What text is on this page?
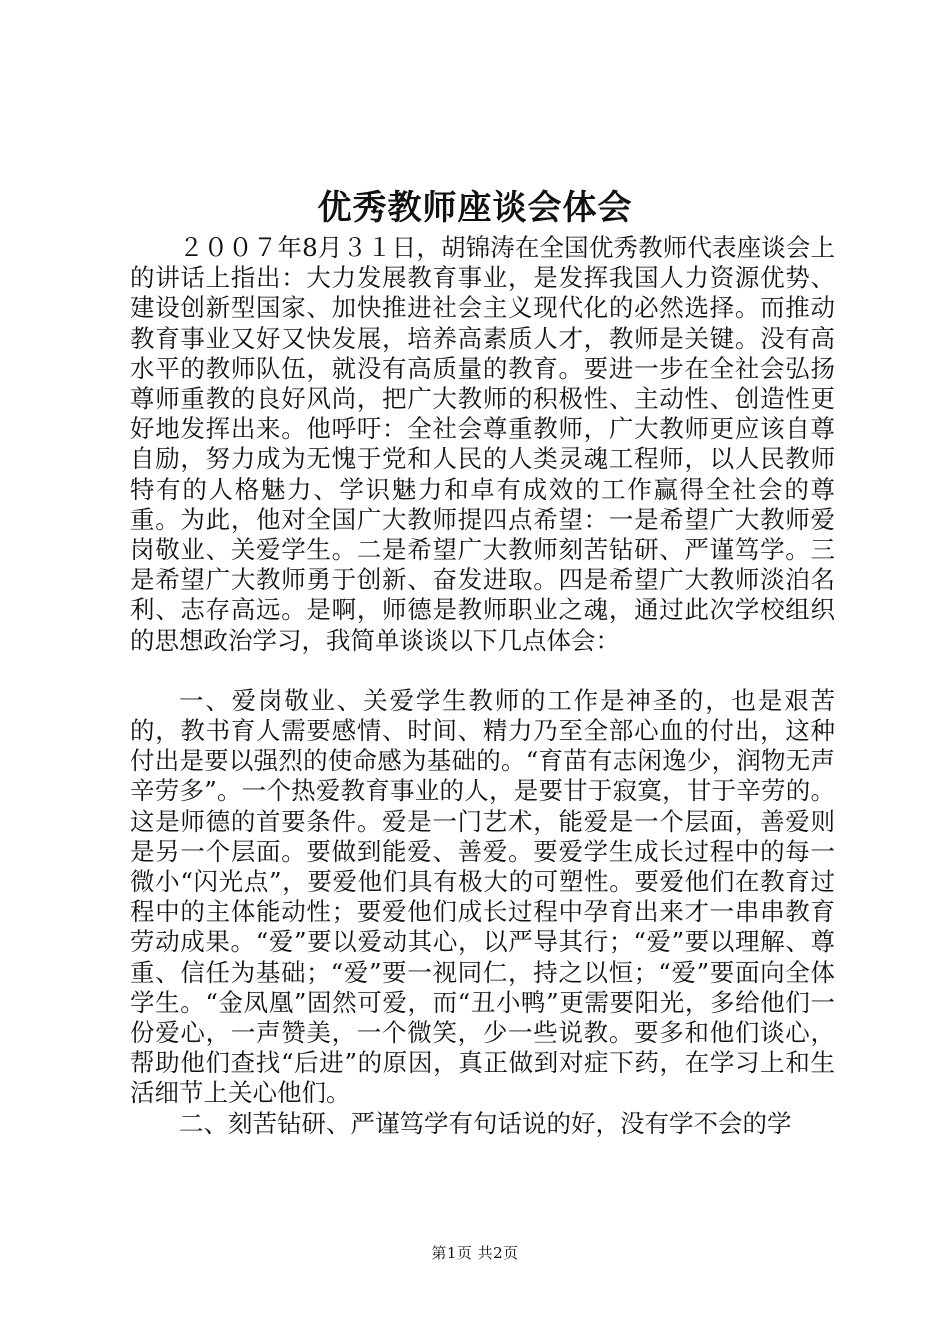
优秀教师座谈会体会

２００７年8月３１日，胡锦涛在全国优秀教师代表座谈会上的讲话上指出：大力发展教育事业，是发挥我国人力资源优势、建设创新型国家、加快推进社会主义现代化的必然选择。而推动教育事业又好又快发展，培养高素质人才，教师是关键。没有高水平的教师队伍，就没有高质量的教育。要进一步在全社会弘扬尊师重教的良好风尚，把广大教师的积极性、主动性、创造性更好地发挥出来。他呼吁：全社会尊重教师，广大教师更应该自尊自励，努力成为无愧于党和人民的人类灵魂工程师，以人民教师特有的人格魅力、学识魅力和卓有成效的工作赢得全社会的尊重。为此，他对全国广大教师提四点希望：一是希望广大教师爱岗敬业、关爱学生。二是希望广大教师刻苦钻研、严谨笃学。三是希望广大教师勇于创新、奋发进取。四是希望广大教师淡泊名利、志存高远。是啊，师德是教师职业之魂，通过此次学校组织的思想政治学习，我简单谈谈以下几点体会：

一、爱岗敬业、关爱学生教师的工作是神圣的，也是艰苦的，教书育人需要感情、时间、精力乃至全部心血的付出，这种付出是要以强烈的使命感为基础的。“育苗有志闲逸少，润物无声辛劳多”。一个热爱教育事业的人，是要甘于寂寞，甘于辛劳的。这是师德的首要条件。爱是一门艺术，能爱是一个层面，善爱则是另一个层面。要做到能爱、善爱。要爱学生成长过程中的每一微小“闪光点”，要爱他们具有极大的可塑性。要爱他们在教育过程中的主体能动性；要爱他们成长过程中孕育出来才一串串教育劳动成果。“爱”要以爱动其心，以严导其行；“爱”要以理解、尊重、信任为基础；“爱”要一视同仁，持之以恒；“爱”要面向全体学生。“金凤凰”固然可爱，而“丑小鸭”更需要阳光，多给他们一份爱心，一声赞美，一个微笑，少一些说教。要多和他们谈心，帮助他们查找“后进”的原因，真正做到对症下药，在学习上和生活细节上关心他们。

二、刻苦钻研、严谨笃学有句话说的好，没有学不会的学

第1页 共2页
